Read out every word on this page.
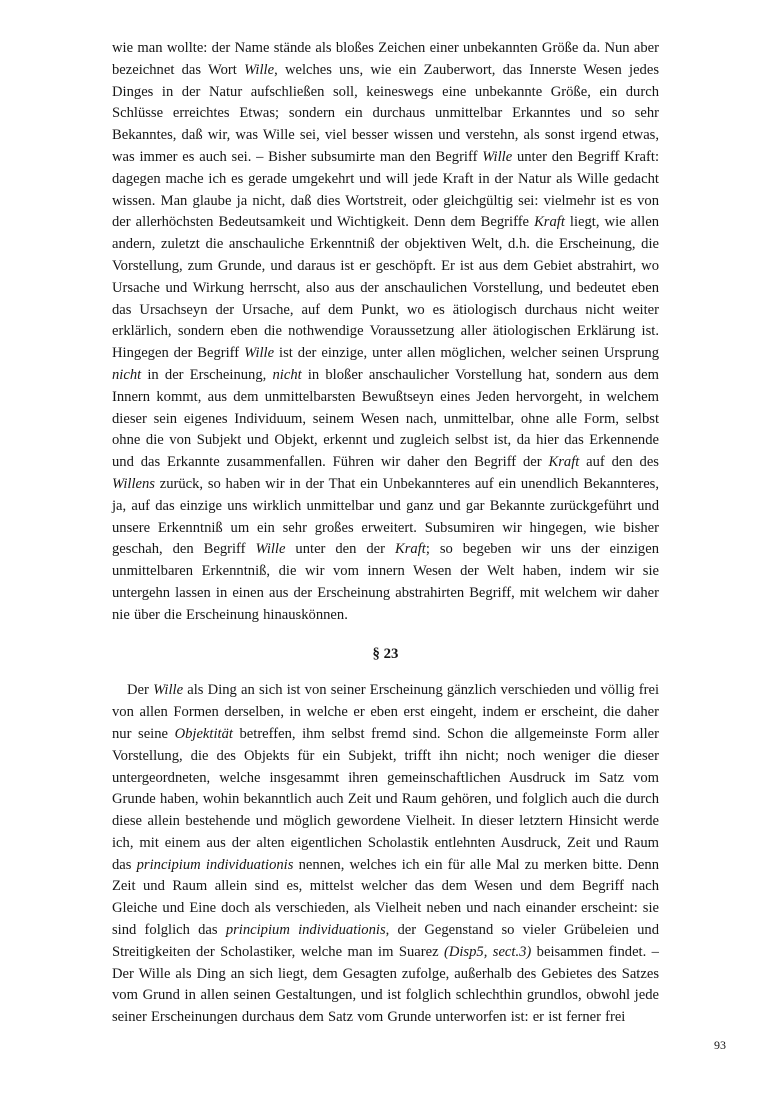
wie man wollte: der Name stände als bloßes Zeichen einer unbekannten Größe da. Nun aber bezeichnet das Wort Wille, welches uns, wie ein Zauberwort, das Innerste Wesen jedes Dinges in der Natur aufschließen soll, keineswegs eine unbekannte Größe, ein durch Schlüsse erreichtes Etwas; sondern ein durchaus unmittelbar Erkanntes und so sehr Bekanntes, daß wir, was Wille sei, viel besser wissen und verstehn, als sonst irgend etwas, was immer es auch sei. – Bisher subsumirte man den Begriff Wille unter den Begriff Kraft: dagegen mache ich es gerade umgekehrt und will jede Kraft in der Natur als Wille gedacht wissen. Man glaube ja nicht, daß dies Wortstreit, oder gleichgültig sei: vielmehr ist es von der allerhöchsten Bedeutsamkeit und Wichtigkeit. Denn dem Begriffe Kraft liegt, wie allen andern, zuletzt die anschauliche Erkenntniß der objektiven Welt, d.h. die Erscheinung, die Vorstellung, zum Grunde, und daraus ist er geschöpft. Er ist aus dem Gebiet abstrahirt, wo Ursache und Wirkung herrscht, also aus der anschaulichen Vorstellung, und bedeutet eben das Ursachseyn der Ursache, auf dem Punkt, wo es ätiologisch durchaus nicht weiter erklärlich, sondern eben die nothwendige Voraussetzung aller ätiologischen Erklärung ist. Hingegen der Begriff Wille ist der einzige, unter allen möglichen, welcher seinen Ursprung nicht in der Erscheinung, nicht in bloßer anschaulicher Vorstellung hat, sondern aus dem Innern kommt, aus dem unmittelbarsten Bewußtseyn eines Jeden hervorgeht, in welchem dieser sein eigenes Individuum, seinem Wesen nach, unmittelbar, ohne alle Form, selbst ohne die von Subjekt und Objekt, erkennt und zugleich selbst ist, da hier das Erkennende und das Erkannte zusammenfallen. Führen wir daher den Begriff der Kraft auf den des Willens zurück, so haben wir in der That ein Unbekannteres auf ein unendlich Bekannteres, ja, auf das einzige uns wirklich unmittelbar und ganz und gar Bekannte zurückgeführt und unsere Erkenntniß um ein sehr großes erweitert. Subsumiren wir hingegen, wie bisher geschah, den Begriff Wille unter den der Kraft; so begeben wir uns der einzigen unmittelbaren Erkenntniß, die wir vom innern Wesen der Welt haben, indem wir sie untergehn lassen in einen aus der Erscheinung abstrahirten Begriff, mit welchem wir daher nie über die Erscheinung hinauskönnen.

§ 23

Der Wille als Ding an sich ist von seiner Erscheinung gänzlich verschieden und völlig frei von allen Formen derselben, in welche er eben erst eingeht, indem er erscheint, die daher nur seine Objektität betreffen, ihm selbst fremd sind. Schon die allgemeinste Form aller Vorstellung, die des Objekts für ein Subjekt, trifft ihn nicht; noch weniger die dieser untergeordneten, welche insgesammt ihren gemeinschaftlichen Ausdruck im Satz vom Grunde haben, wohin bekanntlich auch Zeit und Raum gehören, und folglich auch die durch diese allein bestehende und möglich gewordene Vielheit. In dieser letztern Hinsicht werde ich, mit einem aus der alten eigentlichen Scholastik entlehnten Ausdruck, Zeit und Raum das principium individuationis nennen, welches ich ein für alle Mal zu merken bitte. Denn Zeit und Raum allein sind es, mittelst welcher das dem Wesen und dem Begriff nach Gleiche und Eine doch als verschieden, als Vielheit neben und nach einander erscheint: sie sind folglich das principium individuationis, der Gegenstand so vieler Grübeleien und Streitigkeiten der Scholastiker, welche man im Suarez (Disp5, sect.3) beisammen findet. – Der Wille als Ding an sich liegt, dem Gesagten zufolge, außerhalb des Gebietes des Satzes vom Grund in allen seinen Gestaltungen, und ist folglich schlechthin grundlos, obwohl jede seiner Erscheinungen durchaus dem Satz vom Grunde unterworfen ist: er ist ferner frei

93
